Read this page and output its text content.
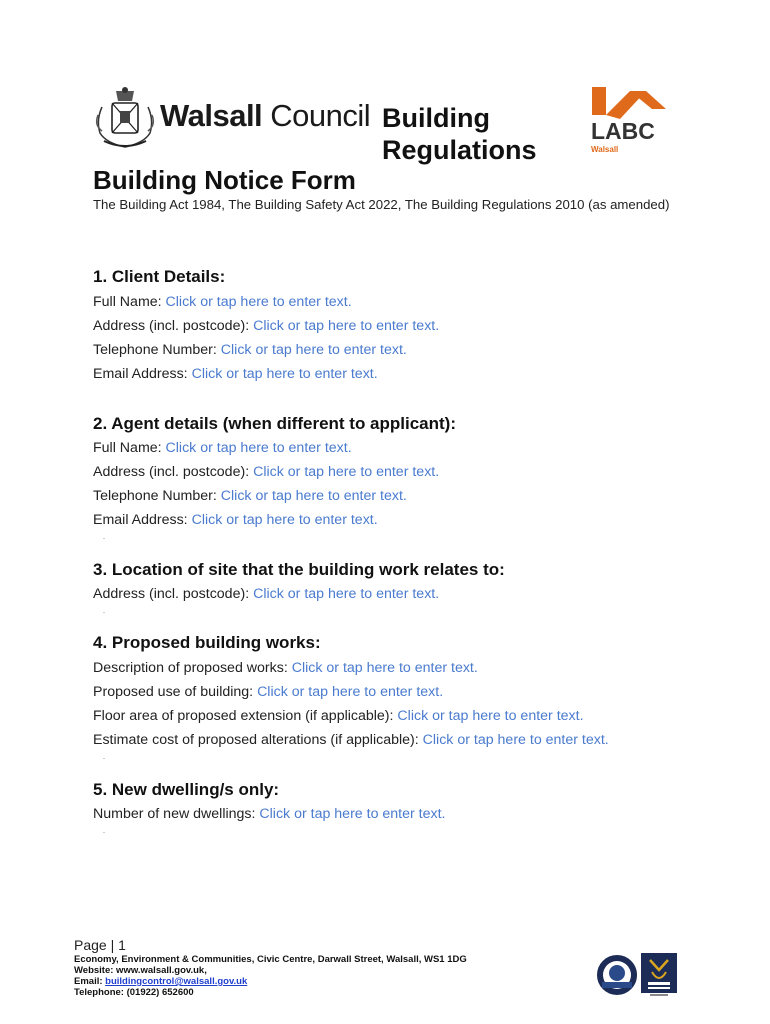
Walsall Council Building
Regulations
LABC
Walsall
Building Notice Form
The Building Act 1984, The Building Safety Act 2022, The Building Regulations 2010 (as amended)
1. Client Details:
Full Name: Click or tap here to enter text.
Address (incl. postcode): Click or tap here to enter text.
Telephone Number: Click or tap here to enter text.
Email Address: Click or tap here to enter text.
2. Agent details (when different to applicant):
Full Name: Click or tap here to enter text.
Address (incl. postcode): Click or tap here to enter text.
Telephone Number: Click or tap here to enter text.
Email Address: Click or tap here to enter text.
3. Location of site that the building work relates to:
Address (incl. postcode): Click or tap here to enter text.
4. Proposed building works:
Description of proposed works: Click or tap here to enter text.
Proposed use of building: Click or tap here to enter text.
Floor area of proposed extension (if applicable): Click or tap here to enter text.
Estimate cost of proposed alterations (if applicable): Click or tap here to enter text.
5. New dwelling/s only:
Number of new dwellings: Click or tap here to enter text.
Page | 1
Economy, Environment & Communities, Civic Centre, Darwall Street, Walsall, WS1 1DG
Website: www.walsall.gov.uk,
Email: buildingcontrol@walsall.gov.uk
Telephone: (01922) 652600
